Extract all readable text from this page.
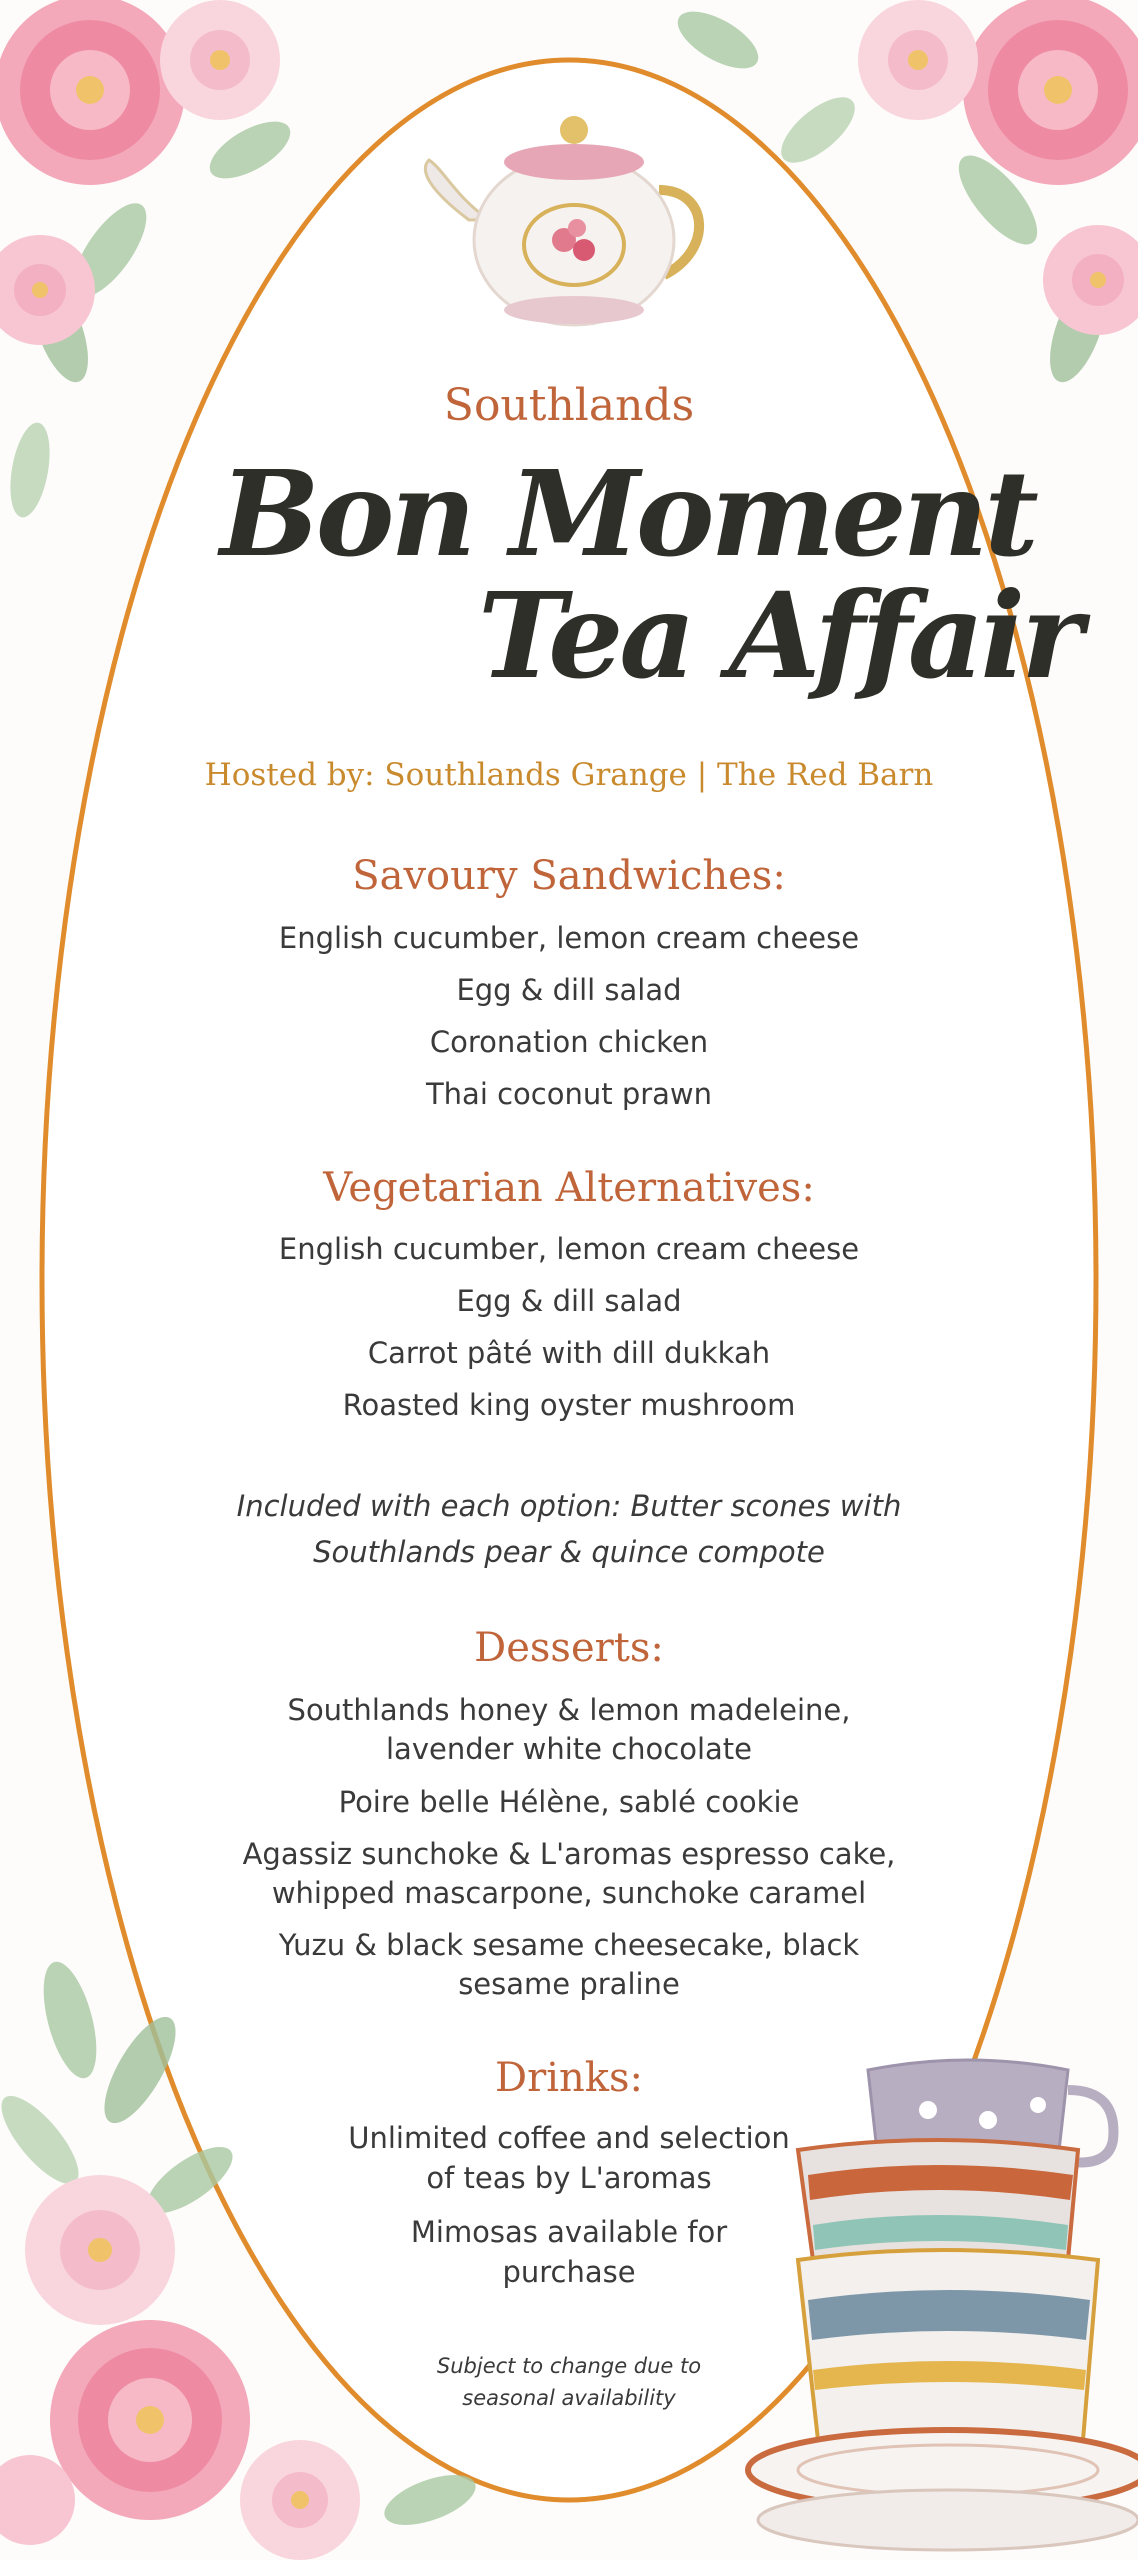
Southlands
Bon Moment
Tea Affair
Hosted by: Southlands Grange | The Red Barn
Savoury Sandwiches:
English cucumber, lemon cream cheese
Egg & dill salad
Coronation chicken
Thai coconut prawn
Vegetarian Alternatives:
English cucumber, lemon cream cheese
Egg & dill salad
Carrot pâté with dill dukkah
Roasted king oyster mushroom
Included with each option: Butter scones with
Southlands pear & quince compote
Desserts:
Southlands honey & lemon madeleine,
lavender white chocolate
Poire belle Hélène, sablé cookie
Agassiz sunchoke & L'aromas espresso cake,
whipped mascarpone, sunchoke caramel
Yuzu & black sesame cheesecake, black
sesame praline
Drinks:
Unlimited coffee and selection
of teas by L'aromas
Mimosas available for
purchase
Subject to change due to
seasonal availability
